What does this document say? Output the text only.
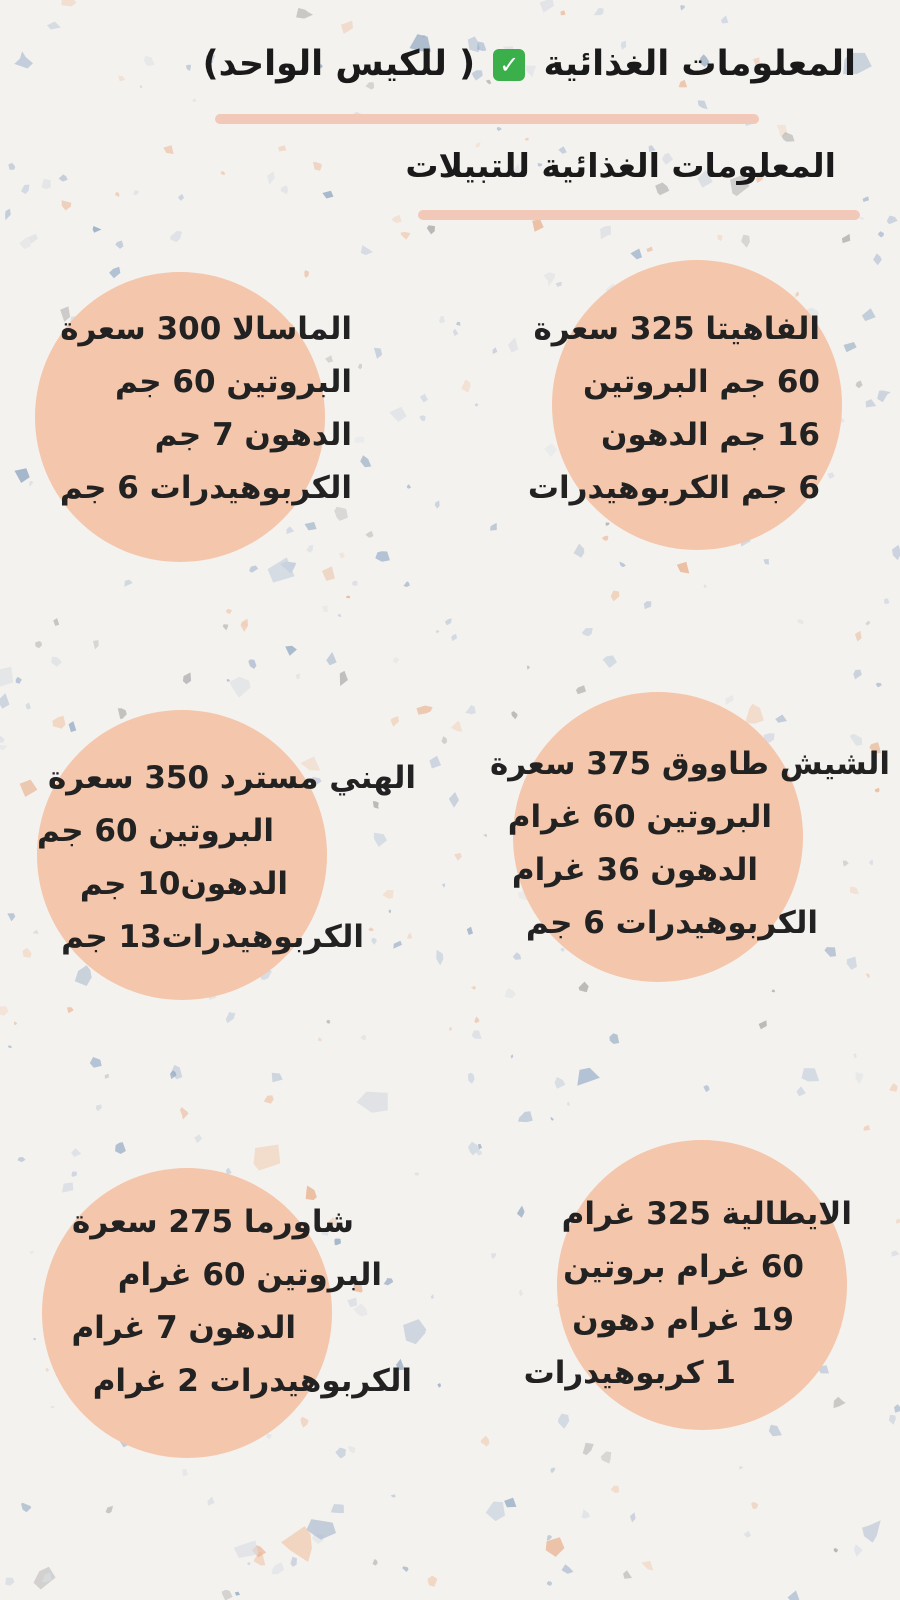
المعلومات الغذائية ✓ ( للكيس الواحد)
المعلومات الغذائية للتبيلات
الفاهيتا 325 سعرة
60 جم البروتين
16 جم الدهون
6 جم الكربوهيدرات
الماسالا 300 سعرة
البروتين 60 جم
الدهون 7 جم
الكربوهيدرات 6 جم
الشيش طاووق 375 سعرة
البروتين 60 غرام
الدهون 36 غرام
الكربوهيدرات 6 جم
الهني مسترد 350 سعرة
البروتين 60 جم
الدهون10 جم
الكربوهيدرات13 جم
الايطالية 325 غرام
60 غرام بروتين
19 غرام دهون
1 كربوهيدرات
شاورما 275 سعرة
البروتين 60 غرام
الدهون 7 غرام
الكربوهيدرات 2 غرام
